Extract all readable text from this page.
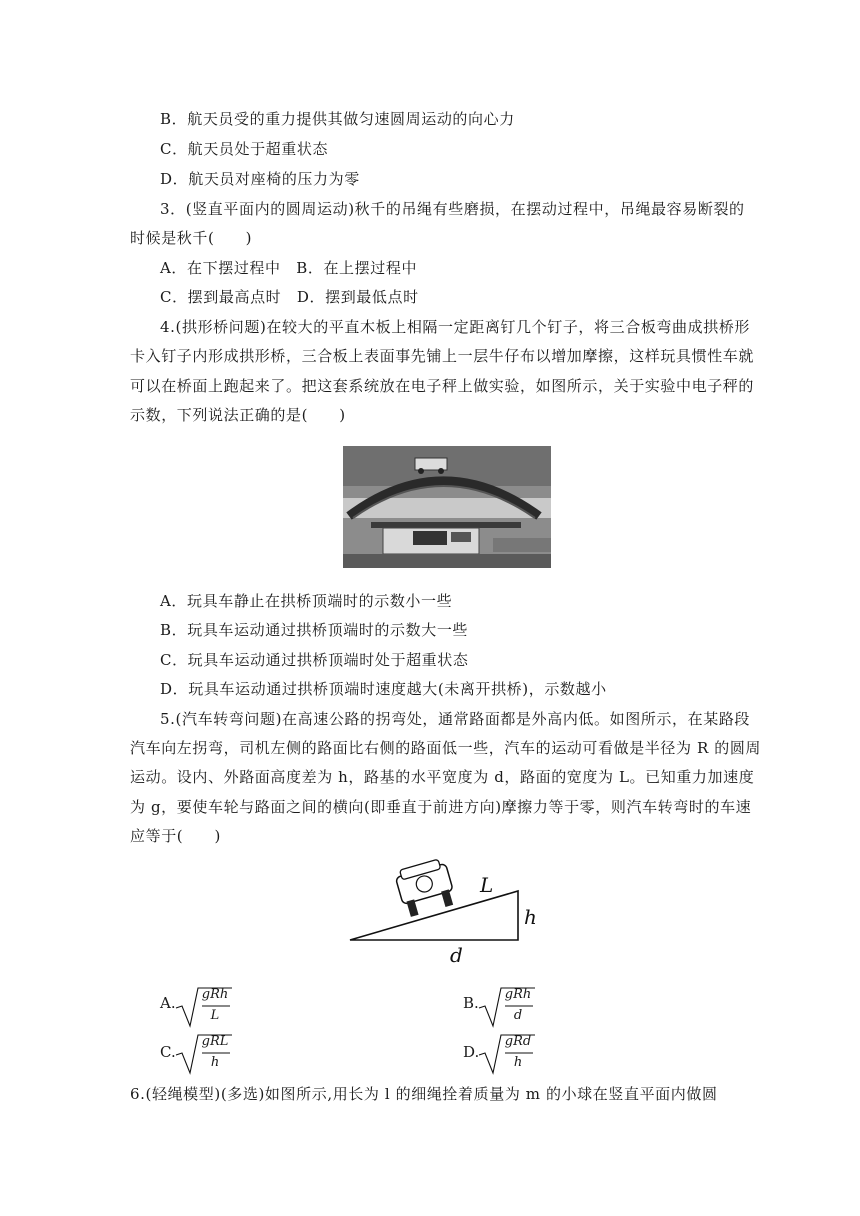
B．航天员受的重力提供其做匀速圆周运动的向心力
C．航天员处于超重状态
D．航天员对座椅的压力为零
3．(竖直平面内的圆周运动)秋千的吊绳有些磨损，在摆动过程中，吊绳最容易断裂的
时候是秋千(　　)
A．在下摆过程中　B．在上摆过程中
C．摆到最高点时　D．摆到最低点时
4.(拱形桥问题)在较大的平直木板上相隔一定距离钉几个钉子，将三合板弯曲成拱桥形
卡入钉子内形成拱形桥，三合板上表面事先铺上一层牛仔布以增加摩擦，这样玩具惯性车就
可以在桥面上跑起来了。把这套系统放在电子秤上做实验，如图所示，关于实验中电子秤的
示数，下列说法正确的是(　　)
A．玩具车静止在拱桥顶端时的示数小一些
B．玩具车运动通过拱桥顶端时的示数大一些
C．玩具车运动通过拱桥顶端时处于超重状态
D．玩具车运动通过拱桥顶端时速度越大(未离开拱桥)，示数越小
5.(汽车转弯问题)在高速公路的拐弯处，通常路面都是外高内低。如图所示，在某路段
汽车向左拐弯，司机左侧的路面比右侧的路面低一些，汽车的运动可看做是半径为 R 的圆周
运动。设内、外路面高度差为 h，路基的水平宽度为 d，路面的宽度为 L。已知重力加速度
为 g，要使车轮与路面之间的横向(即垂直于前进方向)摩擦力等于零，则汽车转弯时的车速
应等于(　　)
L
h
d
A. gRh
L
B. gRh
d
C.
gRL
h
D.
gRd
h
6.(轻绳模型)(多选)如图所示,用长为 l 的细绳拴着质量为 m 的小球在竖直平面内做圆
